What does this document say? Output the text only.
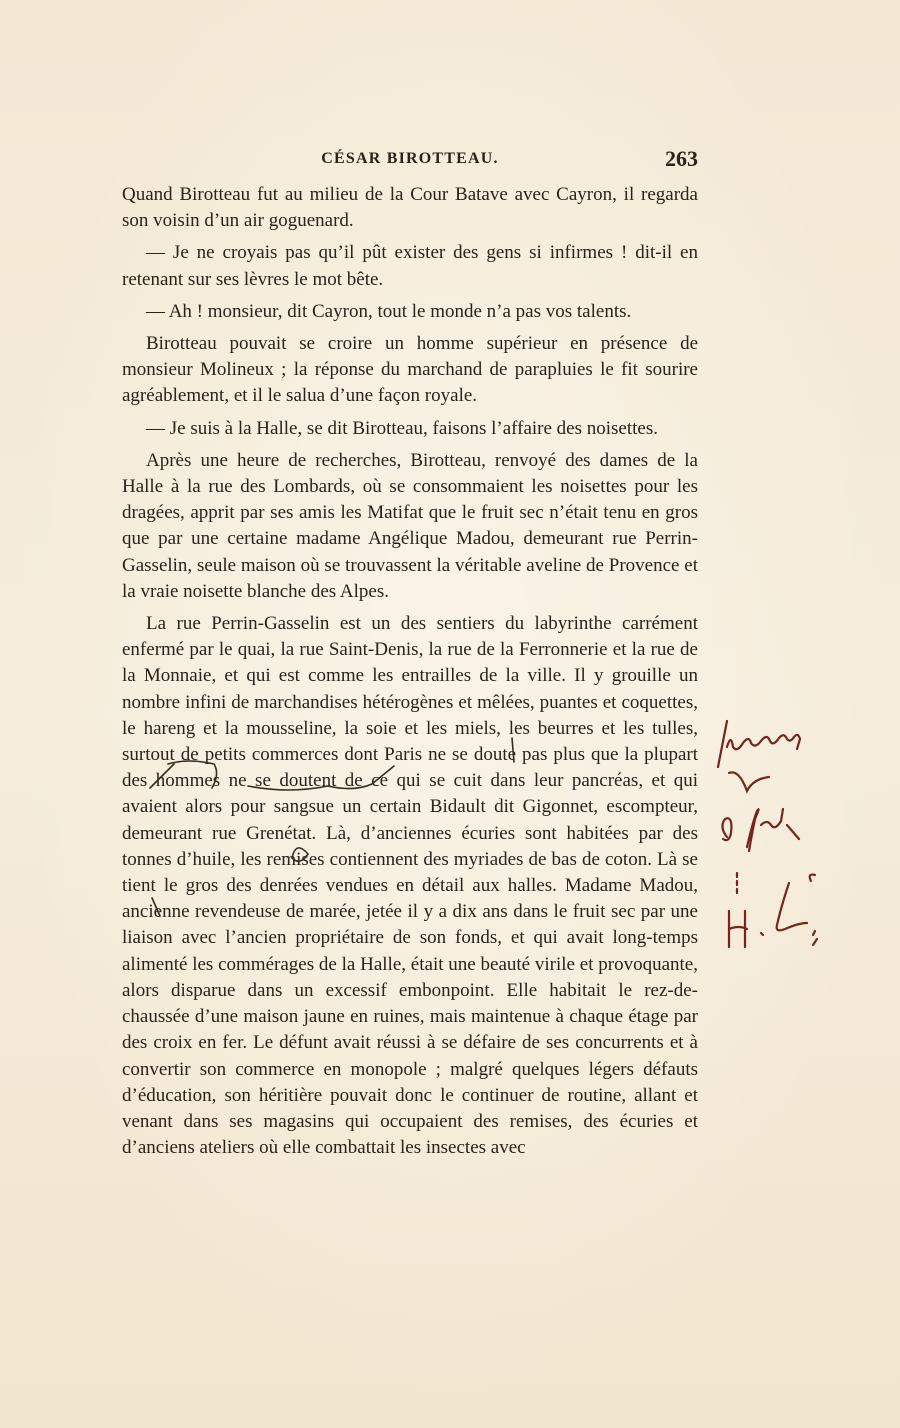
CÉSAR BIROTTEAU.	263

Quand Birotteau fut au milieu de la Cour Batave avec Cayron, il regarda son voisin d’un air goguenard.

— Je ne croyais pas qu’il pût exister des gens si infirmes ! dit-il en retenant sur ses lèvres le mot bête.

— Ah ! monsieur, dit Cayron, tout le monde n’a pas vos talents.

Birotteau pouvait se croire un homme supérieur en présence de monsieur Molineux ; la réponse du marchand de parapluies le fit sourire agréablement, et il le salua d’une façon royale.

— Je suis à la Halle, se dit Birotteau, faisons l’affaire des noisettes.

Après une heure de recherches, Birotteau, renvoyé des dames de la Halle à la rue des Lombards, où se consommaient les noisettes pour les dragées, apprit par ses amis les Matifat que le fruit sec n’était tenu en gros que par une certaine madame Angélique Madou, demeurant rue Perrin-Gasselin, seule maison où se trouvassent la véritable aveline de Provence et la vraie noisette blanche des Alpes.

La rue Perrin-Gasselin est un des sentiers du labyrinthe carrément enfermé par le quai, la rue Saint-Denis, la rue de la Ferronnerie et la rue de la Monnaie, et qui est comme les entrailles de la ville. Il y grouille un nombre infini de marchandises hétérogènes et mêlées, puantes et coquettes, le hareng et la mousseline, la soie et les miels, les beurres et les tulles, surtout de petits commerces dont Paris ne se doute pas plus que la plupart des hommes ne se doutent de ce qui se cuit dans leur pancréas, et qui avaient alors pour sangsue un certain Bidault dit Gigonnet, escompteur, demeurant rue Grenétat. Là, d’anciennes écuries sont habitées par des tonnes d’huile, les remises contiennent des myriades de bas de coton. Là se tient le gros des denrées vendues en détail aux halles. Madame Madou, ancienne revendeuse de marée, jetée il y a dix ans dans le fruit sec par une liaison avec l’ancien propriétaire de son fonds, et qui avait long-temps alimenté les commérages de la Halle, était une beauté virile et provoquante, alors disparue dans un excessif embonpoint. Elle habitait le rez-de-chaussée d’une maison jaune en ruines, mais maintenue à chaque étage par des croix en fer. Le défunt avait réussi à se défaire de ses concurrents et à convertir son commerce en monopole ; malgré quelques légers défauts d’éducation, son héritière pouvait donc le continuer de routine, allant et venant dans ses magasins qui occupaient des remises, des écuries et d’anciens ateliers où elle combattait les insectes avec
